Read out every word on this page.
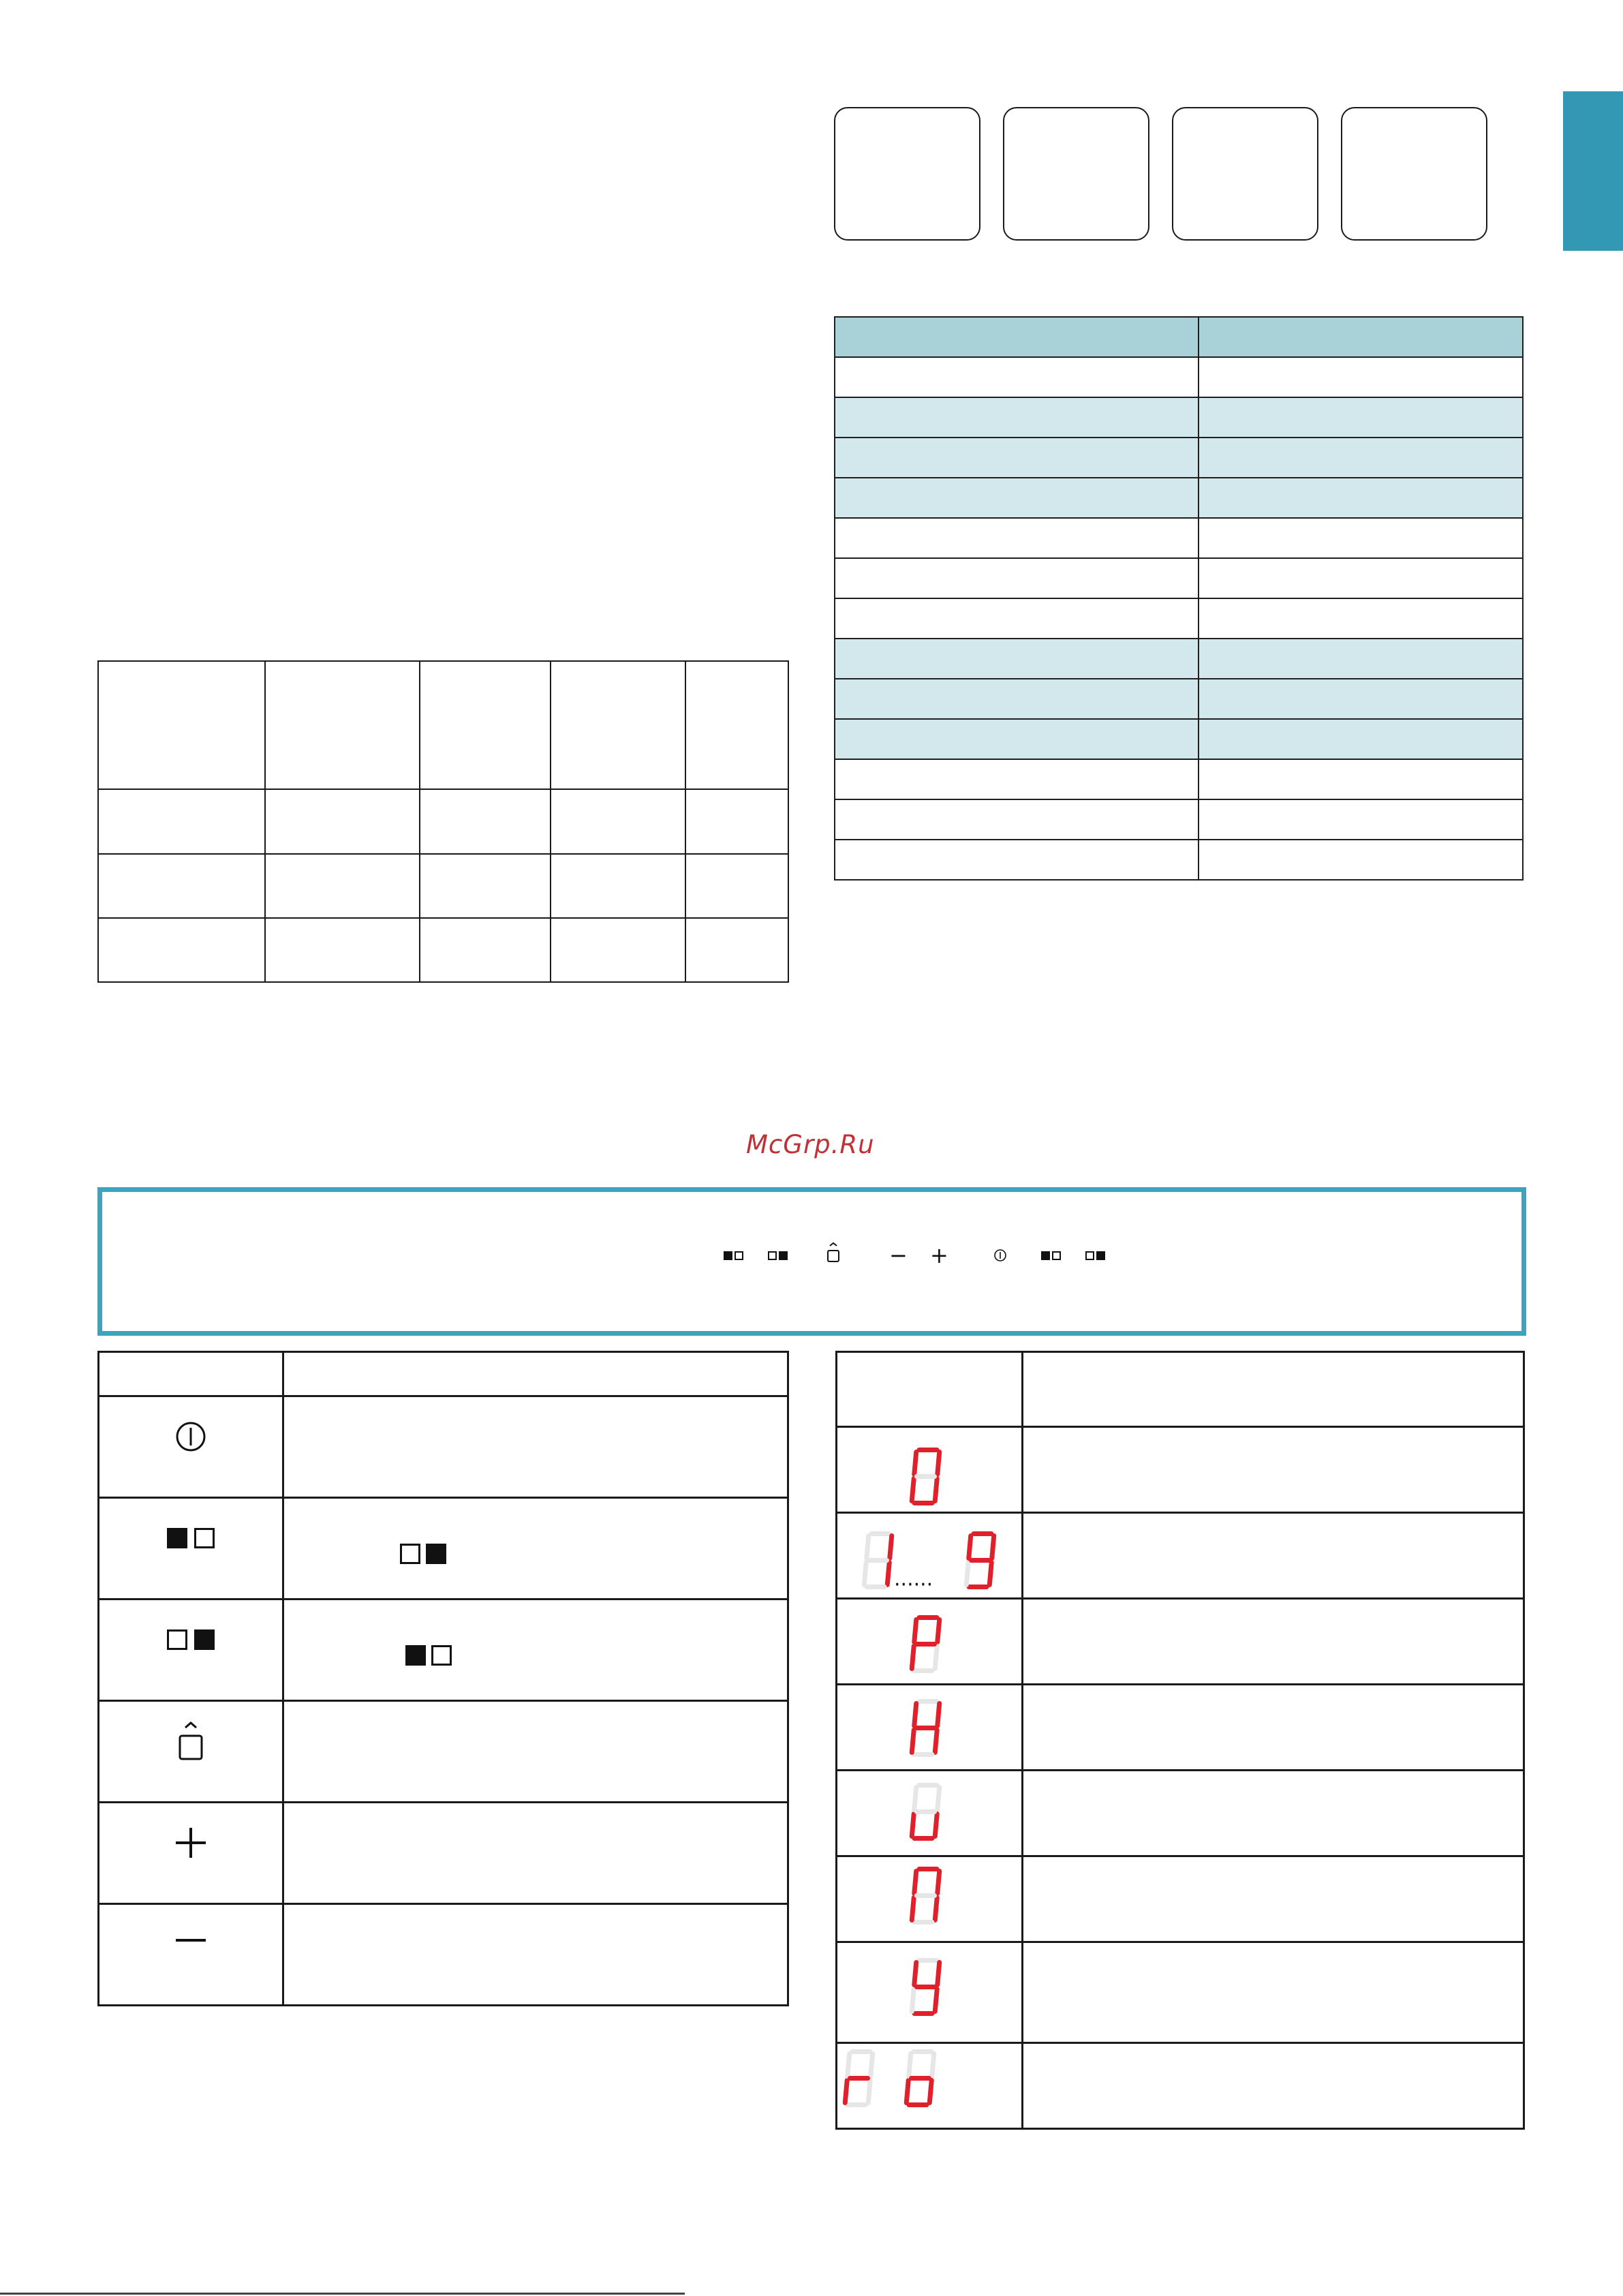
McGrp.Ru

− +

......
